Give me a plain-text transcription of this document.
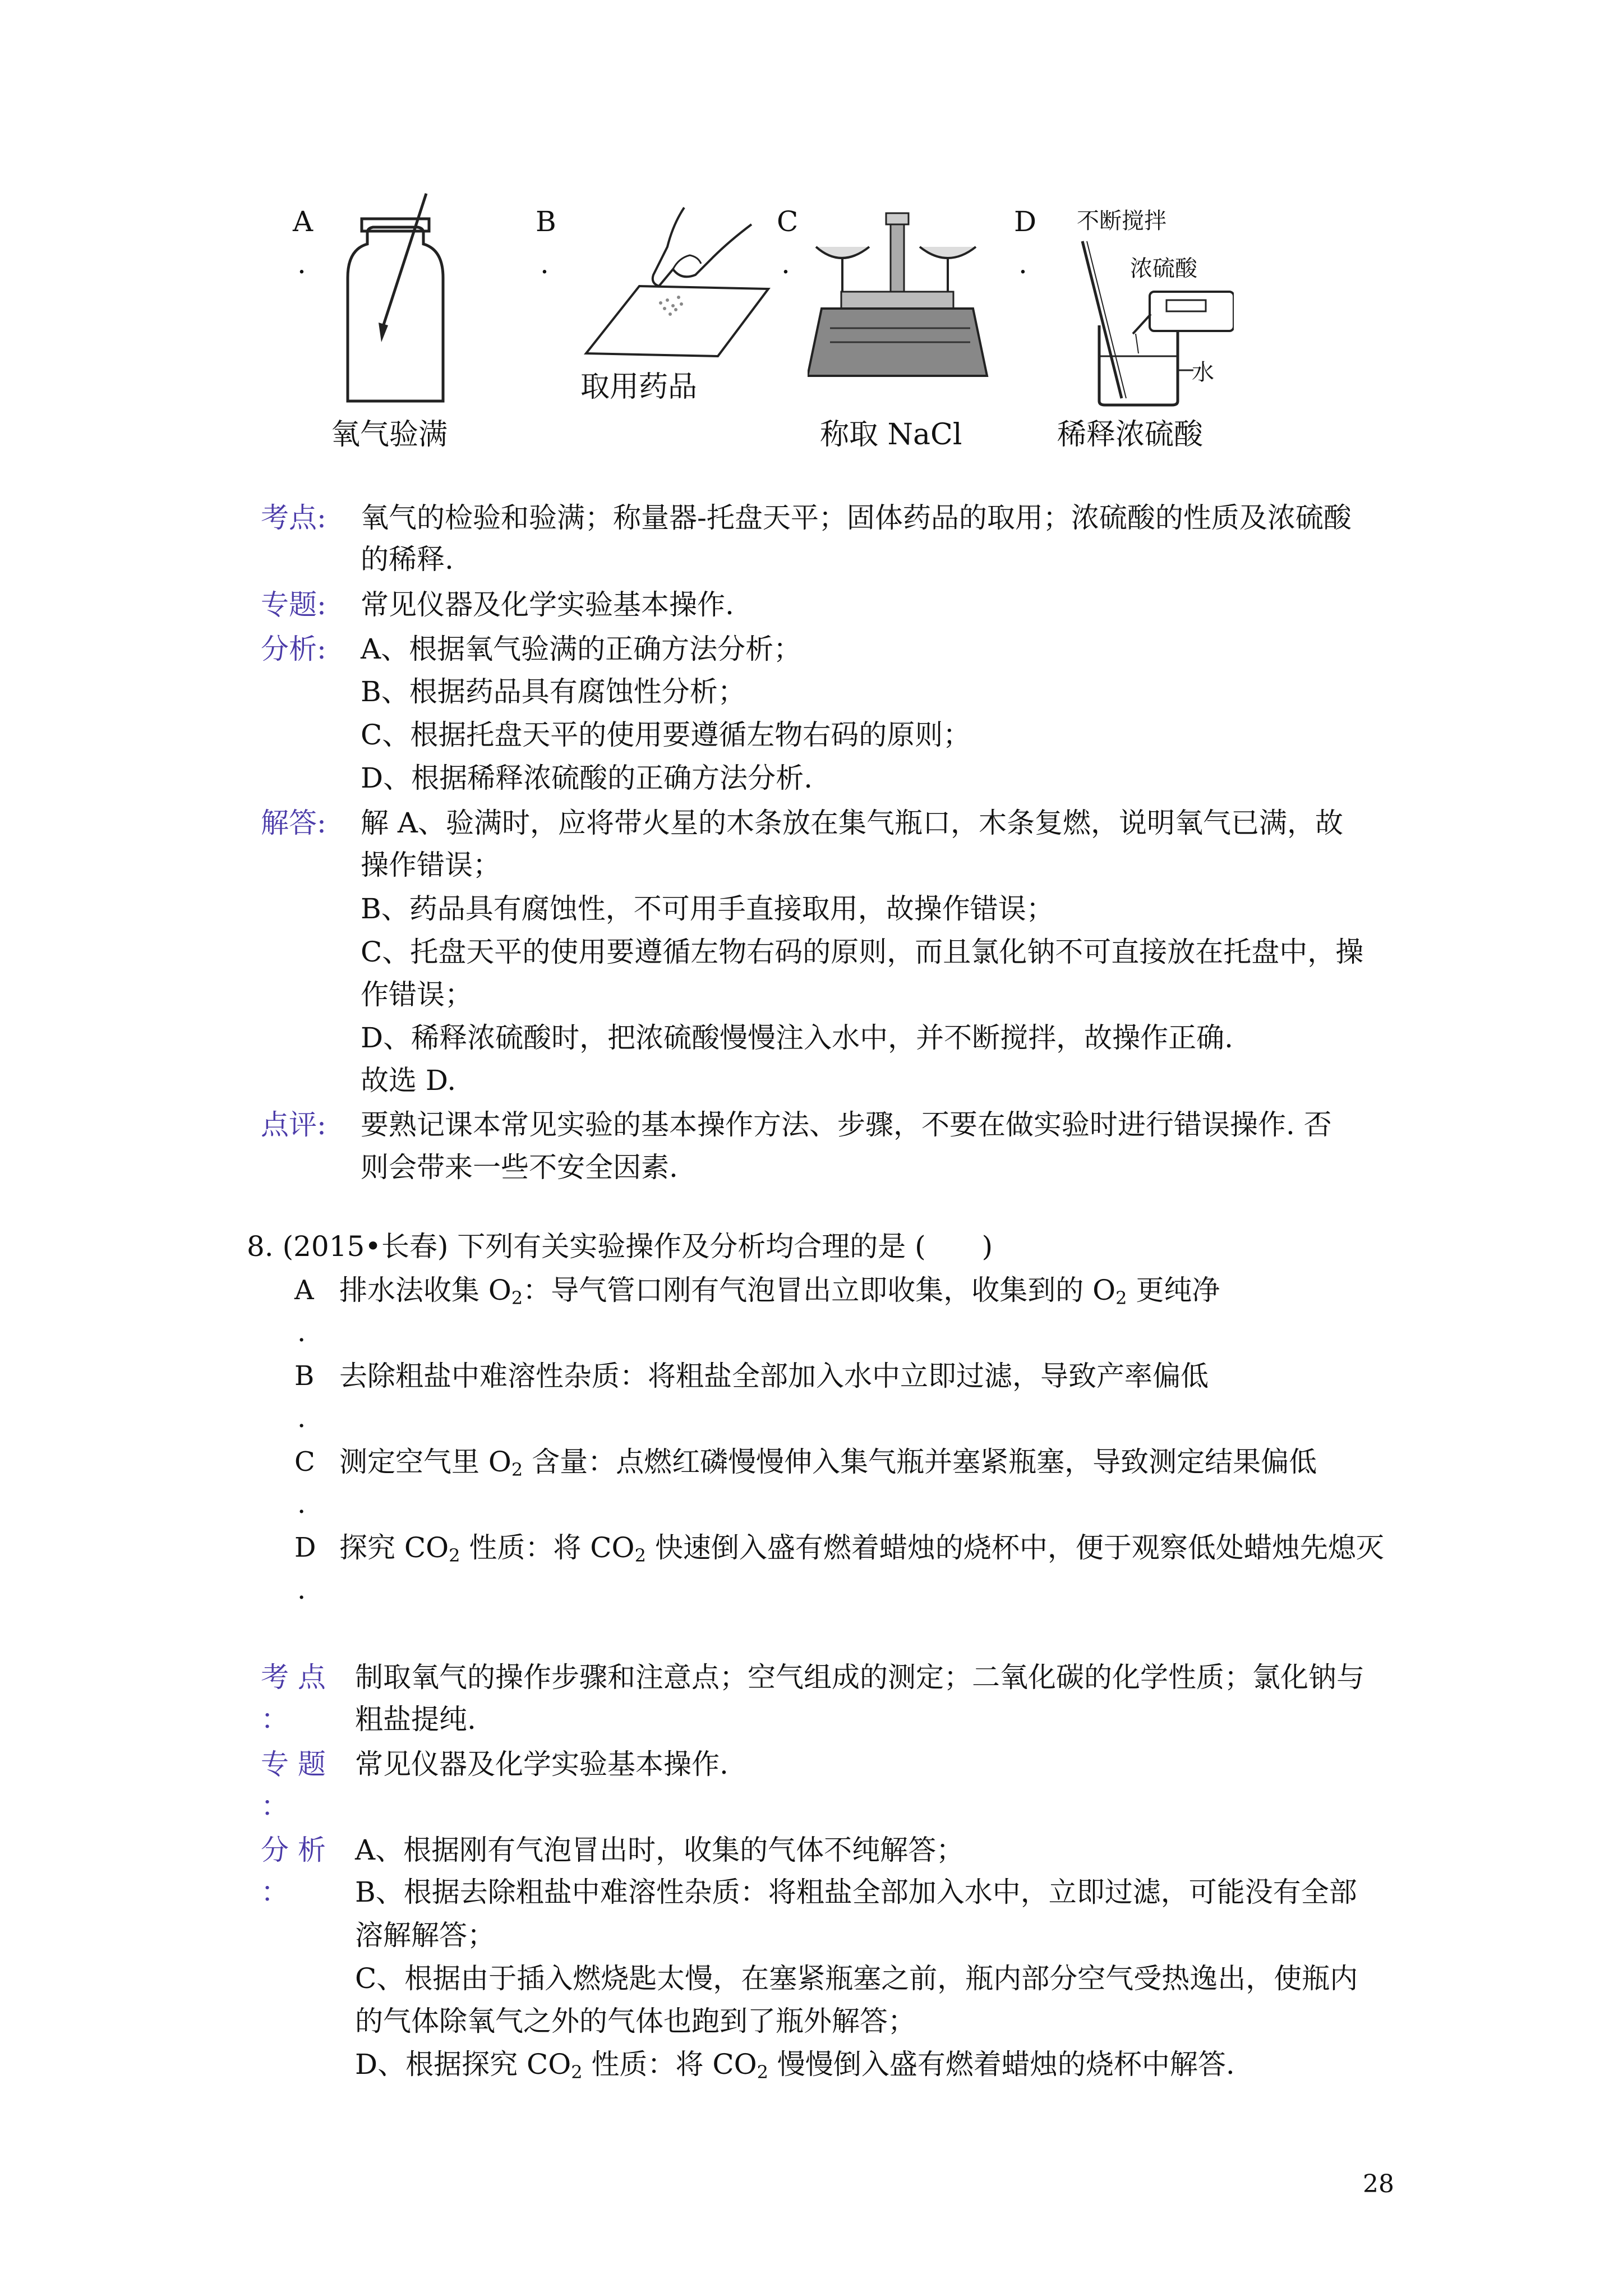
A
.
氧气验满
B
.
取用药品
C
.
称取 NaCl
D
.
不断搅拌
浓硫酸
水
稀释浓硫酸
考点: 氧气的检验和验满；称量器-托盘天平；固体药品的取用；浓硫酸的性质及浓硫酸
的稀释.
专题: 常见仪器及化学实验基本操作.
分析: A、根据氧气验满的正确方法分析；
B、根据药品具有腐蚀性分析；
C、根据托盘天平的使用要遵循左物右码的原则；
D、根据稀释浓硫酸的正确方法分析.
解答: 解 A、验满时，应将带火星的木条放在集气瓶口，木条复燃，说明氧气已满，故
操作错误；
B、药品具有腐蚀性，不可用手直接取用，故操作错误；
C、托盘天平的使用要遵循左物右码的原则，而且氯化钠不可直接放在托盘中，操
作错误；
D、稀释浓硫酸时，把浓硫酸慢慢注入水中，并不断搅拌，故操作正确.
故选 D.
点评: 要熟记课本常见实验的基本操作方法、步骤，不要在做实验时进行错误操作. 否
则会带来一些不安全因素.
8. (2015•长春) 下列有关实验操作及分析均合理的是 (　　)
A
.
排水法收集 $O_2$：导气管口刚有气泡冒出立即收集，收集到的 $O_2$ 更纯净
B
.
去除粗盐中难溶性杂质：将粗盐全部加入水中立即过滤，导致产率偏低
C
.
测定空气里 $O_2$ 含量：点燃红磷慢慢伸入集气瓶并塞紧瓶塞，导致测定结果偏低
D
.
探究 $CO_2$ 性质：将 $CO_2$ 快速倒入盛有燃着蜡烛的烧杯中，便于观察低处蜡烛先熄灭
考 点
：
制取氧气的操作步骤和注意点；空气组成的测定；二氧化碳的化学性质；氯化钠与
粗盐提纯.
专 题
：
常见仪器及化学实验基本操作.
分 析
：
A、根据刚有气泡冒出时，收集的气体不纯解答；
B、根据去除粗盐中难溶性杂质：将粗盐全部加入水中，立即过滤，可能没有全部
溶解解答；
C、根据由于插入燃烧匙太慢，在塞紧瓶塞之前，瓶内部分空气受热逸出，使瓶内
的气体除氧气之外的气体也跑到了瓶外解答；
D、根据探究 $CO_2$ 性质：将 $CO_2$ 慢慢倒入盛有燃着蜡烛的烧杯中解答.
28
